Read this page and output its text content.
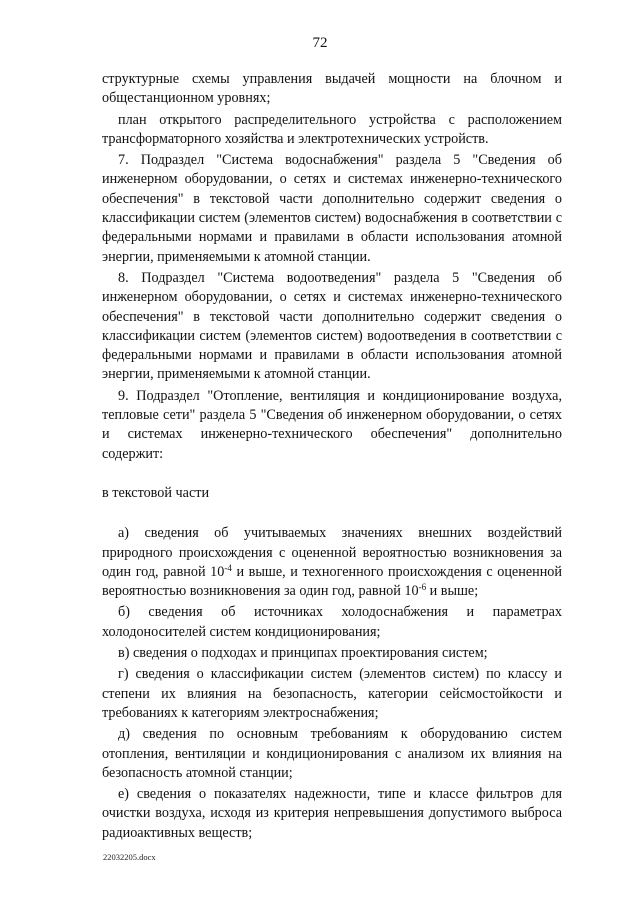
72

структурные схемы управления выдачей мощности на блочном и общестанционном уровнях;

план открытого распределительного устройства с расположением трансформаторного хозяйства и электротехнических устройств.

7. Подраздел "Система водоснабжения" раздела 5 "Сведения об инженерном оборудовании, о сетях и системах инженерно-технического обеспечения" в текстовой части дополнительно содержит сведения о классификации систем (элементов систем) водоснабжения в соответствии с федеральными нормами и правилами в области использования атомной энергии, применяемыми к атомной станции.

8. Подраздел "Система водоотведения" раздела 5 "Сведения об инженерном оборудовании, о сетях и системах инженерно-технического обеспечения" в текстовой части дополнительно содержит сведения о классификации систем (элементов систем) водоотведения в соответствии с федеральными нормами и правилами в области использования атомной энергии, применяемыми к атомной станции.

9. Подраздел "Отопление, вентиляция и кондиционирование воздуха, тепловые сети" раздела 5 "Сведения об инженерном оборудовании, о сетях и системах инженерно-технического обеспечения" дополнительно содержит:

в текстовой части

а) сведения об учитываемых значениях внешних воздействий природного происхождения с оцененной вероятностью возникновения за один год, равной $10^{-4}$ и выше, и техногенного происхождения с оцененной вероятностью возникновения за один год, равной $10^{-6}$ и выше;

б) сведения об источниках холодоснабжения и параметрах холодоносителей систем кондиционирования;

в) сведения о подходах и принципах проектирования систем;

г) сведения о классификации систем (элементов систем) по классу и степени их влияния на безопасность, категории сейсмостойкости и требованиях к категориям электроснабжения;

д) сведения по основным требованиям к оборудованию систем отопления, вентиляции и кондиционирования с анализом их влияния на безопасность атомной станции;

е) сведения о показателях надежности, типе и классе фильтров для очистки воздуха, исходя из критерия непревышения допустимого выброса радиоактивных веществ;

22032205.docx
